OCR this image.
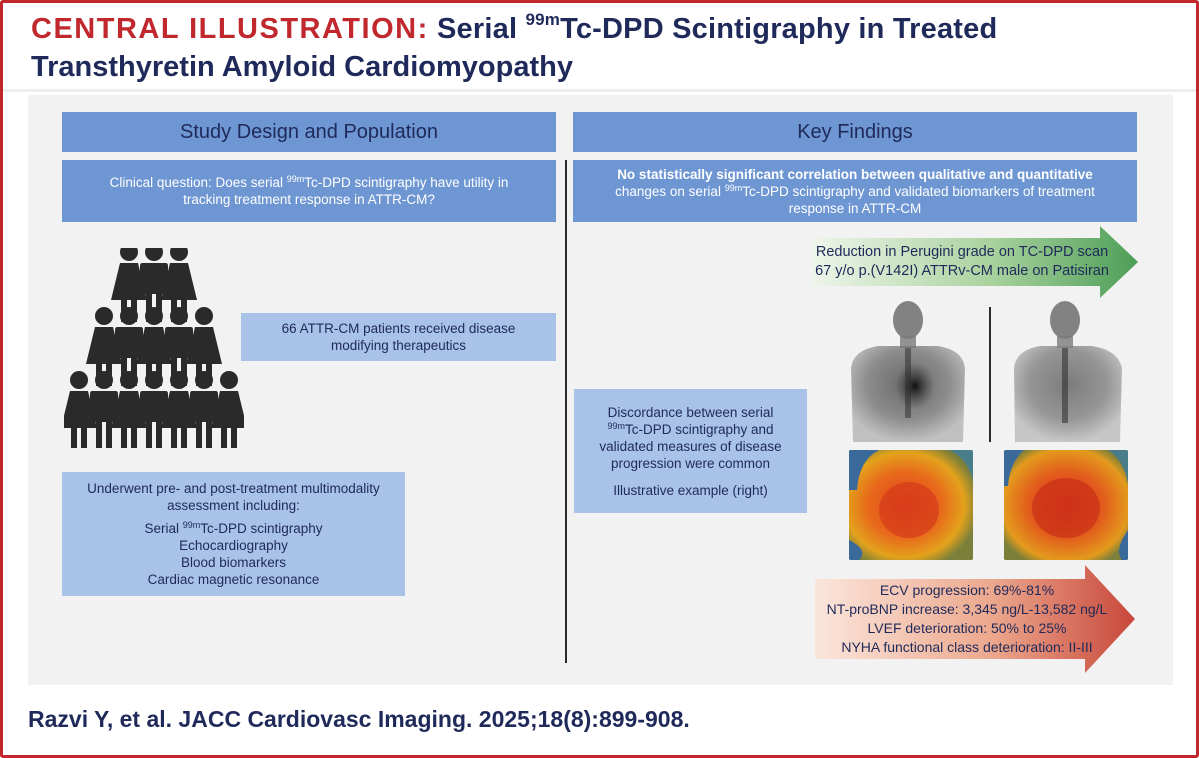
CENTRAL ILLUSTRATION: Serial $^{99m}$Tc-DPD Scintigraphy in Treated
Transthyretin Amyloid Cardiomyopathy
Study Design and Population
Clinical question: Does serial $^{99m}$Tc-DPD scintigraphy have utility in tracking treatment response in ATTR-CM?
66 ATTR-CM patients received disease modifying therapeutics
Underwent pre- and post-treatment multimodality assessment including:
Serial $^{99m}$Tc-DPD scintigraphy
Echocardiography
Blood biomarkers
Cardiac magnetic resonance
Key Findings
No statistically significant correlation between qualitative and quantitative
changes on serial $^{99m}$Tc-DPD scintigraphy and validated biomarkers of treatment
response in ATTR-CM
Reduction in Perugini grade on TC-DPD scan
67 y/o p.(V142I) ATTRv-CM male on Patisiran
Discordance between serial
$^{99m}$Tc-DPD scintigraphy and
validated measures of disease
progression were common
Illustrative example (right)
ECV progression: 69%-81%
NT-proBNP increase: 3,345 ng/L-13,582 ng/L
LVEF deterioration: 50% to 25%
NYHA functional class deterioration: II-III
Razvi Y, et al. JACC Cardiovasc Imaging. 2025;18(8):899-908.
